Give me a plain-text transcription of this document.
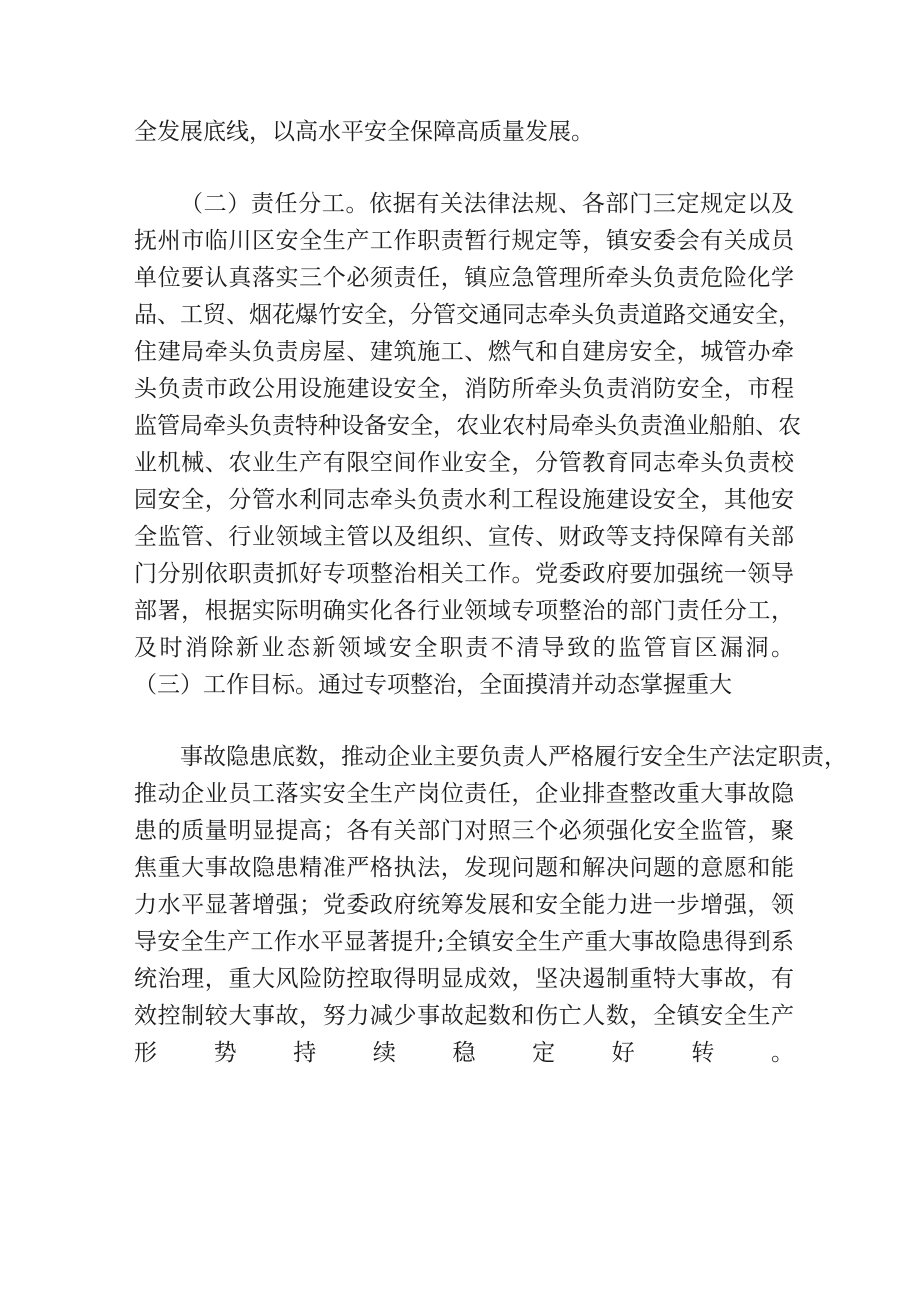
全发展底线，以高水平安全保障高质量发展。
（二）责任分工。依据有关法律法规、各部门三定规定以及
抚州市临川区安全生产工作职责暂行规定等，镇安委会有关成员
单位要认真落实三个必须责任，镇应急管理所牵头负责危险化学
品、工贸、烟花爆竹安全，分管交通同志牵头负责道路交通安全，
住建局牵头负责房屋、建筑施工、燃气和自建房安全，城管办牵
头负责市政公用设施建设安全，消防所牵头负责消防安全，市程
监管局牵头负责特种设备安全，农业农村局牵头负责渔业船舶、农
业机械、农业生产有限空间作业安全，分管教育同志牵头负责校
园安全，分管水利同志牵头负责水利工程设施建设安全，其他安
全监管、行业领域主管以及组织、宣传、财政等支持保障有关部
门分别依职责抓好专项整治相关工作。党委政府要加强统一领导
部署，根据实际明确实化各行业领域专项整治的部门责任分工，
及时消除新业态新领域安全职责不清导致的监管盲区漏洞。
（三）工作目标。通过专项整治，全面摸清并动态掌握重大
事故隐患底数，推动企业主要负责人严格履行安全生产法定职责，
推动企业员工落实安全生产岗位责任，企业排查整改重大事故隐
患的质量明显提高；各有关部门对照三个必须强化安全监管，聚
焦重大事故隐患精准严格执法，发现问题和解决问题的意愿和能
力水平显著增强；党委政府统筹发展和安全能力进一步增强，领
导安全生产工作水平显著提升;全镇安全生产重大事故隐患得到系
统治理，重大风险防控取得明显成效，坚决遏制重特大事故，有
效控制较大事故，努力减少事故起数和伤亡人数，全镇安全生产
形势持续稳定好转。
